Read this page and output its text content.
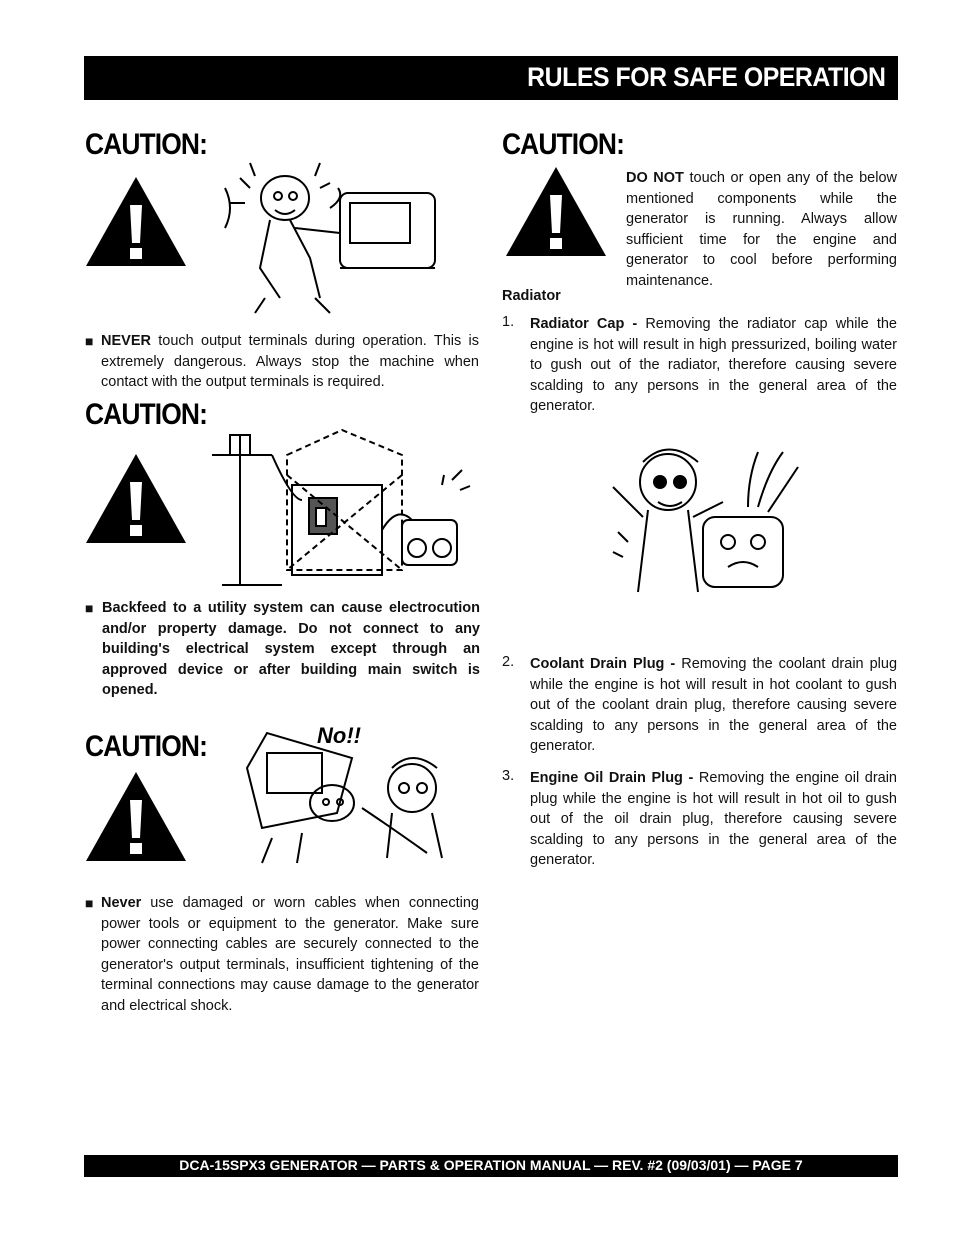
RULES FOR SAFE OPERATION
CAUTION:
■ NEVER touch output terminals during operation. This is extremely dangerous. Always stop the machine when contact with the output terminals is required.
CAUTION:
■ Backfeed to a utility system can cause electrocution and/or property damage. Do not connect to any building's electrical system except through an approved device or after building main switch is opened.
CAUTION:	No!!
■ Never use damaged or worn cables when connecting power tools or equipment to the generator. Make sure power connecting cables are securely connected to the generator's output terminals, insufficient tightening of the terminal connections may cause damage to the generator and electrical shock.
CAUTION:
DO NOT touch or open any of the below mentioned components while the generator is running. Always allow sufficient time for the engine and generator to cool before performing maintenance.
Radiator
1. Radiator Cap - Removing the radiator cap while the engine is hot will result in high pressurized, boiling water to gush out of the radiator, therefore causing severe scalding to any persons in the general area of the generator.
2. Coolant Drain Plug - Removing the coolant drain plug while the engine is hot will result in hot coolant to gush out of the coolant drain plug, therefore causing severe scalding to any persons in the general area of the generator.
3. Engine Oil Drain Plug - Removing the engine oil drain plug while the engine is hot will result in hot oil to gush out of the oil drain plug, therefore causing severe scalding to any persons in the general area of the generator.
DCA-15SPX3 GENERATOR — PARTS & OPERATION MANUAL — REV. #2 (09/03/01) — PAGE 7
